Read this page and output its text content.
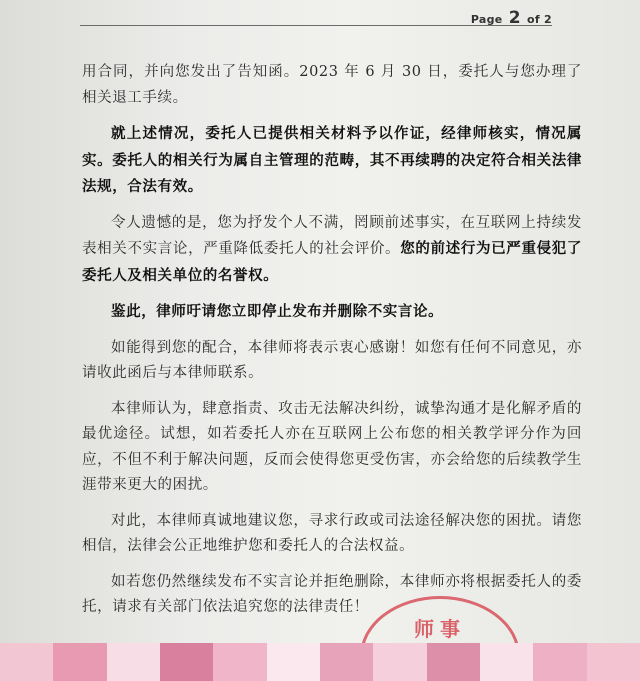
Page 2 of 2

用合同，并向您发出了告知函。2023 年 6 月 30 日，委托人与您办理了相关退工手续。

就上述情况，委托人已提供相关材料予以作证，经律师核实，情况属实。委托人的相关行为属自主管理的范畴，其不再续聘的决定符合相关法律法规，合法有效。

令人遗憾的是，您为抒发个人不满，罔顾前述事实，在互联网上持续发表相关不实言论，严重降低委托人的社会评价。您的前述行为已严重侵犯了委托人及相关单位的名誉权。

鉴此，律师吁请您立即停止发布并删除不实言论。

如能得到您的配合，本律师将表示衷心感谢！如您有任何不同意见，亦请收此函后与本律师联系。

本律师认为，肆意指责、攻击无法解决纠纷，诚挚沟通才是化解矛盾的最优途径。试想，如若委托人亦在互联网上公布您的相关教学评分作为回应，不但不利于解决问题，反而会使得您更受伤害，亦会给您的后续教学生涯带来更大的困扰。

对此，本律师真诚地建议您，寻求行政或司法途径解决您的困扰。请您相信，法律会公正地维护您和委托人的合法权益。

如若您仍然继续发布不实言论并拒绝删除，本律师亦将根据委托人的委托，请求有关部门依法追究您的法律责任！

师事
